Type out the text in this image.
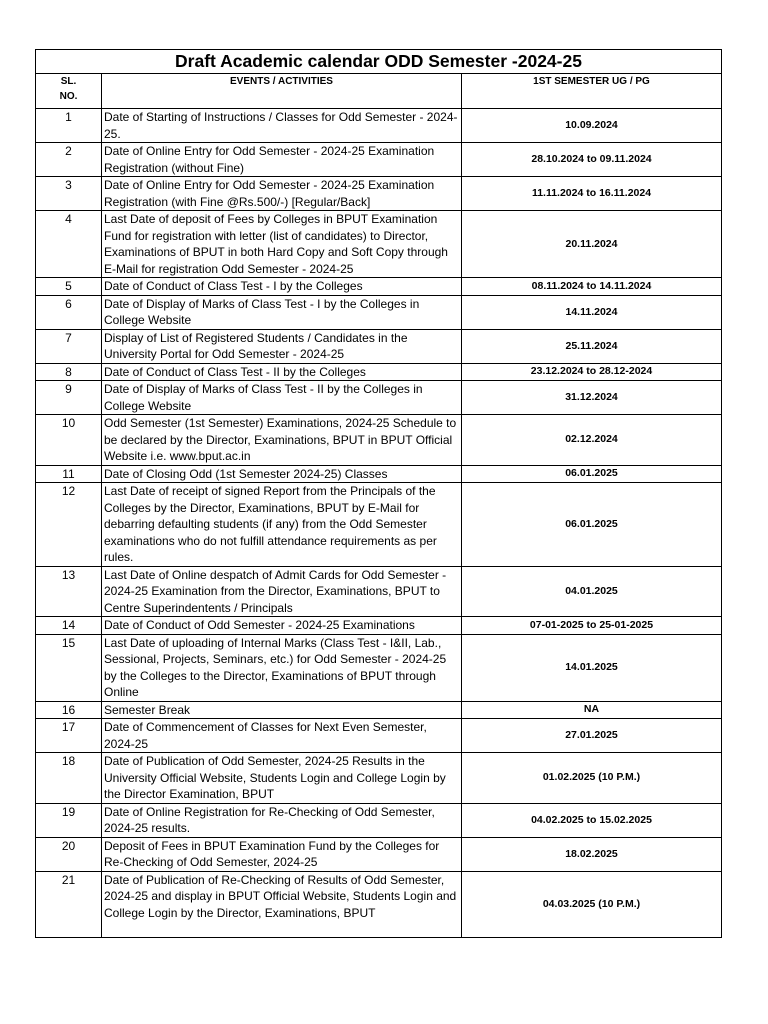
Draft Academic calendar ODD Semester -2024-25		
SL.
NO.	EVENTS / ACTIVITIES	1ST SEMESTER UG / PG
1	Date of Starting of Instructions / Classes for Odd Semester - 2024-25.	10.09.2024
2	Date of Online Entry for Odd Semester - 2024-25 Examination Registration (without Fine)	28.10.2024 to 09.11.2024
3	Date of Online Entry for Odd Semester - 2024-25 Examination Registration (with Fine @Rs.500/-) [Regular/Back]	11.11.2024 to 16.11.2024
4	Last Date of deposit of Fees by Colleges in BPUT Examination Fund for registration with letter (list of candidates) to Director, Examinations of BPUT in both Hard Copy and Soft Copy through E-Mail for registration Odd Semester - 2024-25	20.11.2024
5	Date of Conduct of Class Test - I by the Colleges	08.11.2024 to 14.11.2024
6	Date of Display of Marks of Class Test - I by the Colleges in College Website	14.11.2024
7	Display of List of Registered Students / Candidates in the University Portal for Odd Semester - 2024-25	25.11.2024
8	Date of Conduct of Class Test - II by the Colleges	23.12.2024 to 28.12-2024
9	Date of Display of Marks of Class Test - II by the Colleges in College Website	31.12.2024
10	Odd Semester (1st Semester) Examinations, 2024-25 Schedule to be declared by the Director, Examinations, BPUT in BPUT Official Website i.e. www.bput.ac.in	02.12.2024
11	Date of Closing Odd (1st Semester 2024-25) Classes	06.01.2025
12	Last Date of receipt of signed Report from the Principals of the Colleges by the Director, Examinations, BPUT by E-Mail for debarring defaulting students (if any) from the Odd Semester examinations who do not fulfill attendance requirements as per rules.	06.01.2025
13	Last Date of Online despatch of Admit Cards for Odd Semester - 2024-25 Examination from the Director, Examinations, BPUT to Centre Superindentents / Principals	04.01.2025
14	Date of Conduct of Odd Semester - 2024-25 Examinations	07-01-2025 to 25-01-2025
15	Last Date of uploading of Internal Marks (Class Test - I&II, Lab., Sessional, Projects, Seminars, etc.) for Odd Semester - 2024-25 by the Colleges to the Director, Examinations of BPUT through Online	14.01.2025
16	Semester Break	NA
17	Date of Commencement of Classes for Next Even Semester, 2024-25	27.01.2025
18	Date of Publication of Odd Semester, 2024-25 Results in the University Official Website, Students Login and College Login by the Director Examination, BPUT	01.02.2025 (10 P.M.)
19	Date of Online Registration for Re-Checking of Odd Semester, 2024-25 results.	04.02.2025 to 15.02.2025
20	Deposit of Fees in BPUT Examination Fund by the Colleges for Re-Checking of Odd Semester, 2024-25	18.02.2025
21	Date of Publication of Re-Checking of Results of Odd Semester, 2024-25 and display in BPUT Official Website, Students Login and College Login by the Director, Examinations, BPUT	04.03.2025 (10 P.M.)
